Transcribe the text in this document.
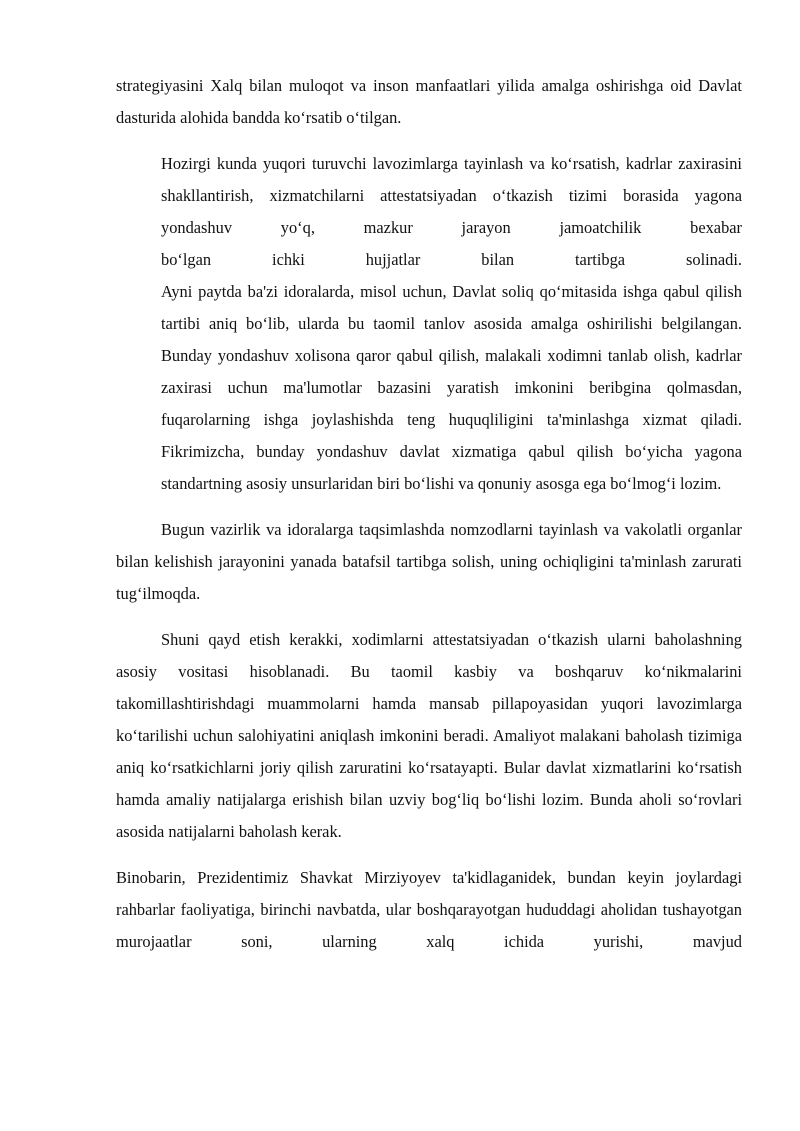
strategiyasini Xalq bilan muloqot va inson manfaatlari yilida amalga oshirishga oid Davlat dasturida alohida bandda ko‘rsatib o‘tilgan.

Hozirgi kunda yuqori turuvchi lavozimlarga tayinlash va ko‘rsatish, kadrlar zaxirasini shakllantirish, xizmatchilarni attestatsiyadan o‘tkazish tizimi borasida yagona yondashuv yo‘q, mazkur jarayon jamoatchilik bexabar
bo‘lgan ichki hujjatlar bilan tartibga solinadi.
Ayni paytda ba'zi idoralarda, misol uchun, Davlat soliq qo‘mitasida ishga qabul qilish tartibi aniq bo‘lib, ularda bu taomil tanlov asosida amalga oshirilishi belgilangan. Bunday yondashuv xolisona qaror qabul qilish, malakali xodimni tanlab olish, kadrlar zaxirasi uchun ma'lumotlar bazasini yaratish imkonini beribgina qolmasdan, fuqarolarning ishga joylashishda teng huquqliligini ta'minlashga xizmat qiladi. Fikrimizcha, bunday yondashuv davlat xizmatiga qabul qilish bo‘yicha yagona standartning asosiy unsurlaridan biri bo‘lishi va qonuniy asosga ega bo‘lmog‘i lozim.

Bugun vazirlik va idoralarga taqsimlashda nomzodlarni tayinlash va vakolatli organlar bilan kelishish jarayonini yanada batafsil tartibga solish, uning ochiqligini ta'minlash zarurati tug‘ilmoqda.

Shuni qayd etish kerakki, xodimlarni attestatsiyadan o‘tkazish ularni baholashning asosiy vositasi hisoblanadi. Bu taomil kasbiy va boshqaruv ko‘nikmalarini takomillashtirishdagi muammolarni hamda mansab pillapoyasidan yuqori lavozimlarga ko‘tarilishi uchun salohiyatini aniqlash imkonini beradi. Amaliyot malakani baholash tizimiga aniq ko‘rsatkichlarni joriy qilish zaruratini ko‘rsatayapti. Bular davlat xizmatlarini ko‘rsatish hamda amaliy natijalarga erishish bilan uzviy bog‘liq bo‘lishi lozim. Bunda aholi so‘rovlari asosida natijalarni baholash kerak.

Binobarin, Prezidentimiz Shavkat Mirziyoyev ta'kidlaganidek, bundan keyin joylardagi rahbarlar faoliyatiga, birinchi navbatda, ular boshqarayotgan hududdagi aholidan tushayotgan murojaatlar soni, ularning xalq ichida yurishi, mavjud
